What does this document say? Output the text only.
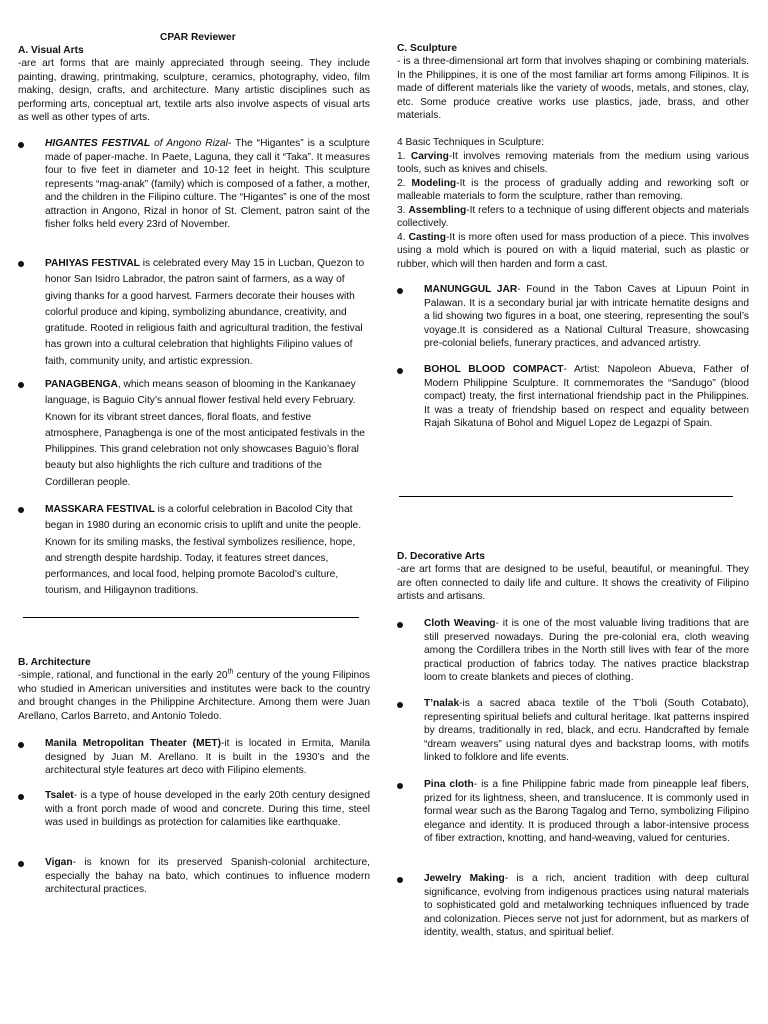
CPAR Reviewer
A. Visual Arts

-are art forms that are mainly appreciated through seeing. They include painting, drawing, printmaking, sculpture, ceramics, photography, video, film making, design, crafts, and architecture. Many artistic disciplines such as performing arts, conceptual art, textile arts also involve aspects of visual arts as well as other types of arts.

HIGANTES FESTIVAL of Angono Rizal- The “Higantes” is a sculpture made of paper-mache. In Paete, Laguna, they call it “Taka”. It measures four to five feet in diameter and 10-12 feet in height. This sculpture represents “mag-anak” (family) which is composed of a father, a mother, and the children in the Filipino culture. The “Higantes” is one of the most attraction in Angono, Rizal in honor of St. Clement, patron saint of the fisher folks held every 23rd of November.

PAHIYAS FESTIVAL is celebrated every May 15 in Lucban, Quezon to honor San Isidro Labrador, the patron saint of farmers, as a way of giving thanks for a good harvest. Farmers decorate their houses with colorful produce and kiping, symbolizing abundance, creativity, and gratitude. Rooted in religious faith and agricultural tradition, the festival has grown into a cultural celebration that highlights Filipino values of faith, community unity, and artistic expression.

PANAGBENGA, which means season of blooming in the Kankanaey language, is Baguio City’s annual flower festival held every February. Known for its vibrant street dances, floral floats, and festive atmosphere, Panagbenga is one of the most anticipated festivals in the Philippines. This grand celebration not only showcases Baguio’s floral beauty but also highlights the rich culture and traditions of the Cordilleran people.

MASSKARA FESTIVAL is a colorful celebration in Bacolod City that began in 1980 during an economic crisis to uplift and unite the people. Known for its smiling masks, the festival symbolizes resilience, hope, and strength despite hardship. Today, it features street dances, performances, and local food, helping promote Bacolod’s culture, tourism, and Hiligaynon traditions.

B. Architecture

-simple, rational, and functional in the early 20th century of the young Filipinos who studied in American universities and institutes were back to the country and brought changes in the Philippine Architecture. Among them were Juan Arellano, Carlos Barreto, and Antonio Toledo.

Manila Metropolitan Theater (MET)-it is located in Ermita, Manila designed by Juan M. Arellano. It is built in the 1930’s and the architectural style features art deco with Filipino elements.

Tsalet- is a type of house developed in the early 20th century designed with a front porch made of wood and concrete. During this time, steel was used in buildings as protection for calamities like earthquake.

Vigan- is known for its preserved Spanish-colonial architecture, especially the bahay na bato, which continues to influence modern architectural practices.

C. Sculpture

- is a three-dimensional art form that involves shaping or combining materials. In the Philippines, it is one of the most familiar art forms among Filipinos. It is made of different materials like the variety of woods, metals, and stones, clay, etc. Some produce creative works use plastics, jade, brass, and other materials.

4 Basic Techniques in Sculpture:

1. Carving-It involves removing materials from the medium using various tools, such as knives and chisels.

2. Modeling-It is the process of gradually adding and reworking soft or malleable materials to form the sculpture, rather than removing.

3. Assembling-It refers to a technique of using different objects and materials collectively.

4. Casting-It is more often used for mass production of a piece. This involves using a mold which is poured on with a liquid material, such as plastic or rubber, which will then harden and form a cast.

MANUNGGUL JAR- Found in the Tabon Caves at Lipuun Point in Palawan. It is a secondary burial jar with intricate hematite designs and a lid showing two figures in a boat, one steering, representing the soul’s voyage.It is considered as a National Cultural Treasure, showcasing pre-colonial beliefs, funerary practices, and advanced artistry.

BOHOL BLOOD COMPACT- Artist: Napoleon Abueva, Father of Modern Philippine Sculpture. It commemorates the “Sandugo” (blood compact) treaty, the first international friendship pact in the Philippines. It was a treaty of friendship based on respect and equality between Rajah Sikatuna of Bohol and Miguel Lopez de Legazpi of Spain.

D. Decorative Arts

-are art forms that are designed to be useful, beautiful, or meaningful. They are often connected to daily life and culture. It shows the creativity of Filipino artists and artisans.

Cloth Weaving- it is one of the most valuable living traditions that are still preserved nowadays. During the pre-colonial era, cloth weaving among the Cordillera tribes in the North still lives with fear of the more practical production of fabrics today. The natives practice blackstrap loom to create blankets and pieces of clothing.

T’nalak-is a sacred abaca textile of the T’boli (South Cotabato), representing spiritual beliefs and cultural heritage. Ikat patterns inspired by dreams, traditionally in red, black, and ecru. Handcrafted by female “dream weavers” using natural dyes and backstrap looms, with motifs linked to folklore and life events.

Pina cloth- is a fine Philippine fabric made from pineapple leaf fibers, prized for its lightness, sheen, and translucence. It is commonly used in formal wear such as the Barong Tagalog and Terno, symbolizing Filipino elegance and identity. It is produced through a labor-intensive process of fiber extraction, knotting, and hand-weaving, valued for centuries.

Jewelry Making- is a rich, ancient tradition with deep cultural significance, evolving from indigenous practices using natural materials to sophisticated gold and metalworking techniques influenced by trade and colonization. Pieces serve not just for adornment, but as markers of identity, wealth, status, and spiritual belief.
